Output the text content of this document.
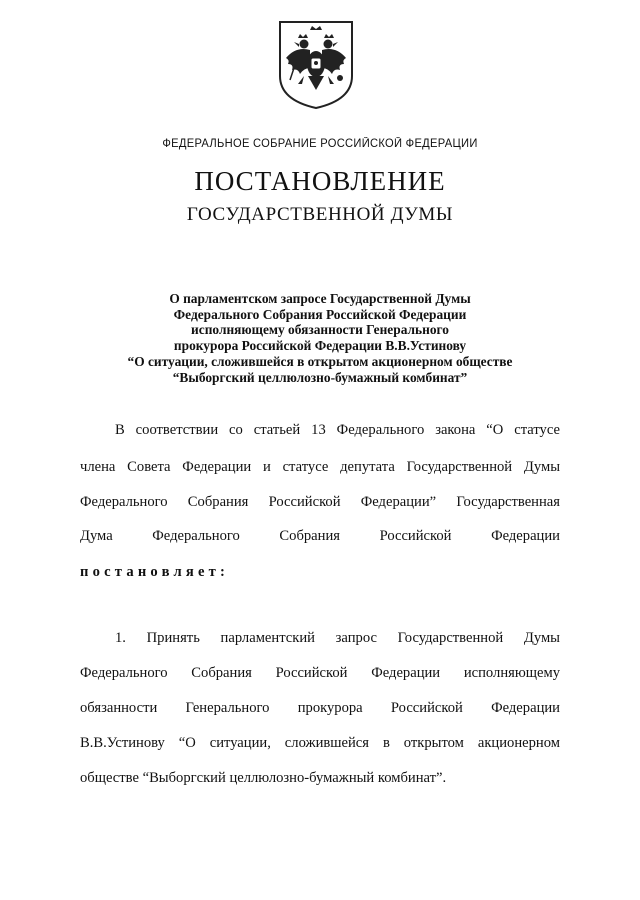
ФЕДЕРАЛЬНОЕ СОБРАНИЕ РОССИЙСКОЙ ФЕДЕРАЦИИ
ПОСТАНОВЛЕНИЕ
ГОСУДАРСТВЕННОЙ ДУМЫ
О парламентском запросе Государственной Думы
Федерального Собрания Российской Федерации
исполняющему обязанности Генерального
прокурора Российской Федерации В.В.Устинову
“О ситуации, сложившейся в открытом акционерном обществе
“Выборгский целлюлозно-бумажный комбинат”
В соответствии со статьей 13 Федерального закона “О статусе
члена Совета Федерации и статусе депутата Государственной Думы
Федерального Собрания Российской Федерации” Государственная
Дума Федерального Собрания Российской Федерации
постановляет:
1. Принять парламентский запрос Государственной Думы
Федерального Собрания Российской Федерации исполняющему
обязанности Генерального прокурора Российской Федерации
В.В.Устинову “О ситуации, сложившейся в открытом акционерном
обществе “Выборгский целлюлозно-бумажный комбинат”.
